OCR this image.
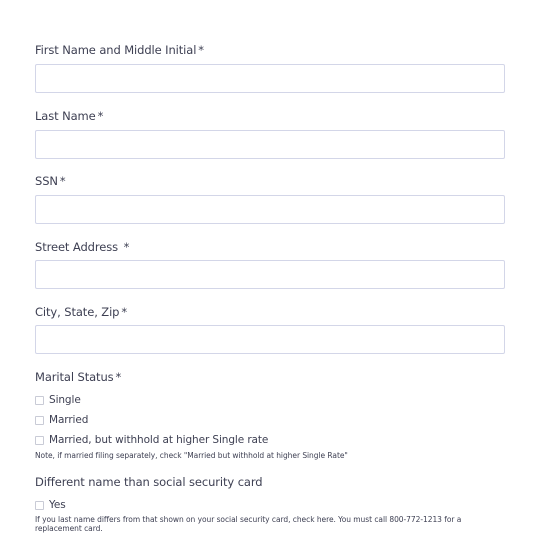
First Name and Middle Initial *
Last Name *
SSN *
Street Address *
City, State, Zip *
Marital Status *
Single
Married
Married, but withhold at higher Single rate
Note, if married filing separately, check "Married but withhold at higher Single Rate"
Different name than social security card
Yes
If you last name differs from that shown on your social security card, check here. You must call 800-772-1213 for a replacement card.
